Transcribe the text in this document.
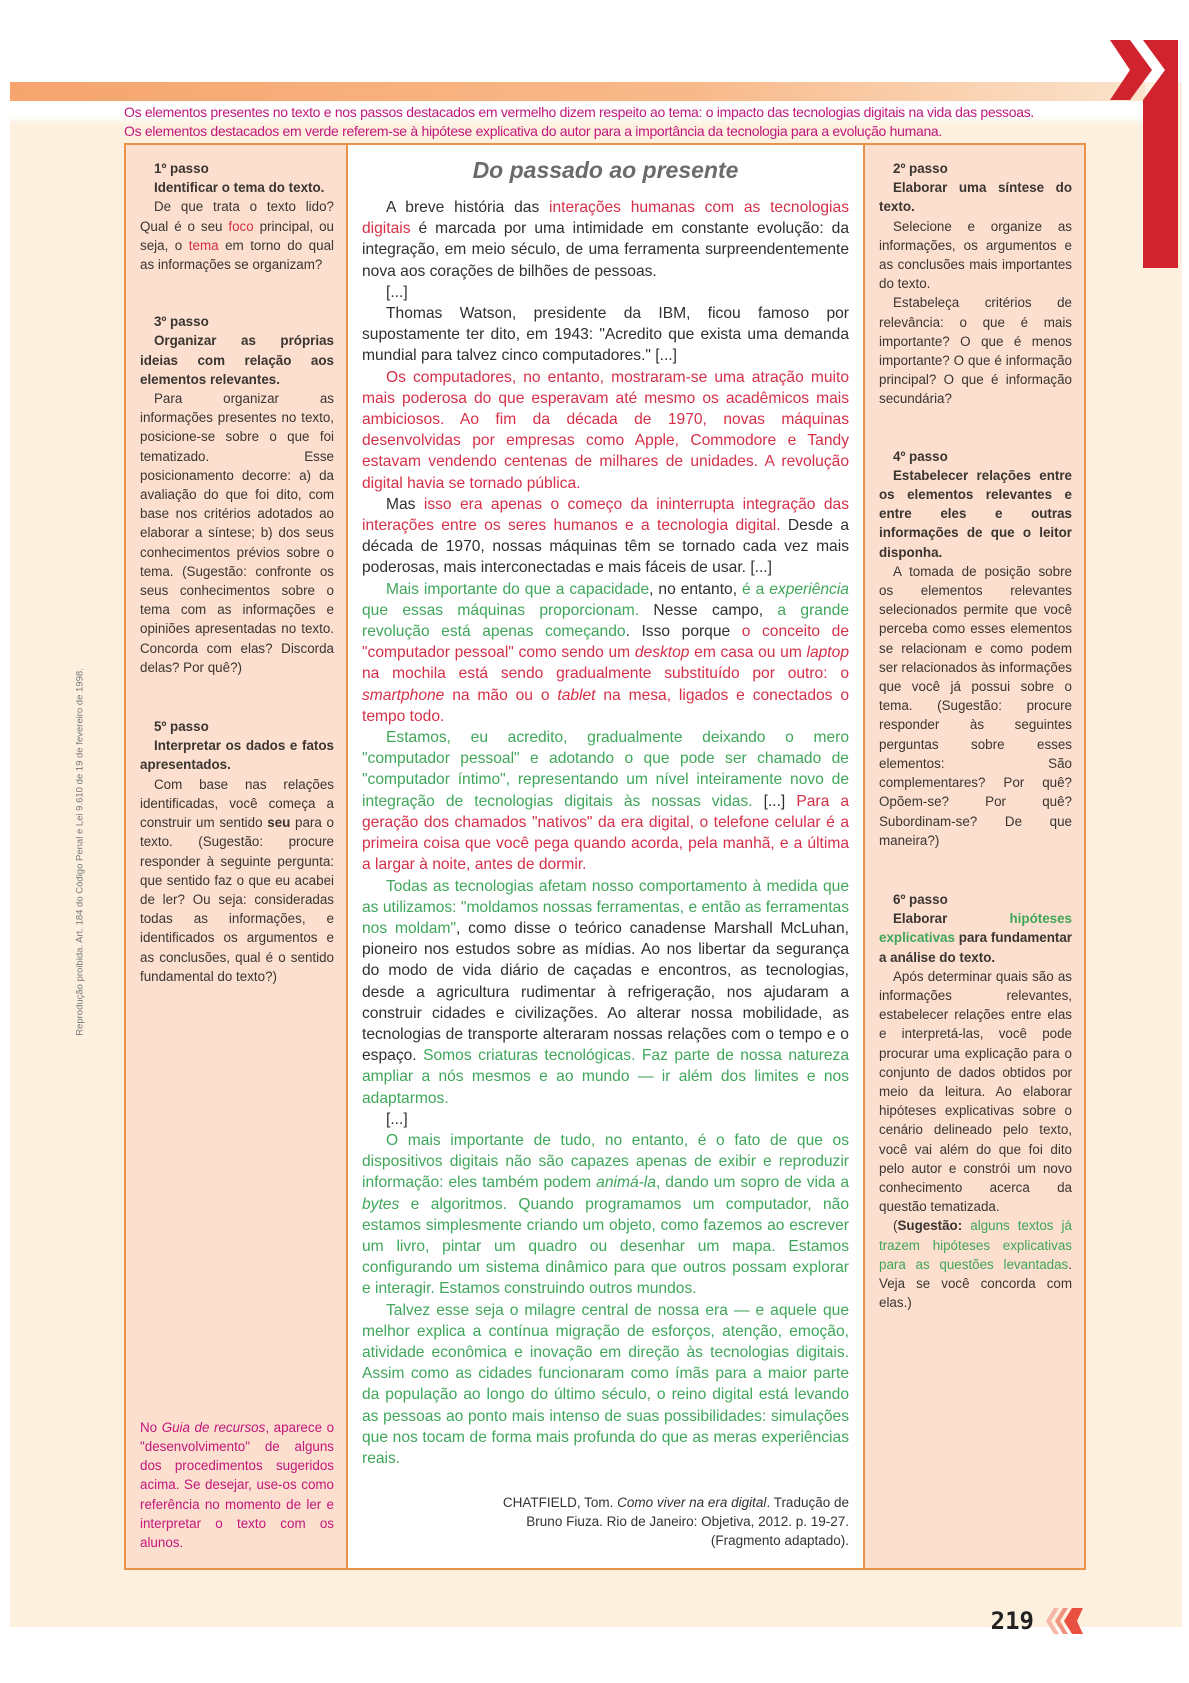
Os elementos presentes no texto e nos passos destacados em vermelho dizem respeito ao tema: o impacto das tecnologias digitais na vida das pessoas.
Os elementos destacados em verde referem-se à hipótese explicativa do autor para a importância da tecnologia para a evolução humana.
Reprodução proibida. Art. 184 do Código Penal e Lei 9.610 de 19 de fevereiro de 1998.
1º passo
Identificar o tema do texto.
De que trata o texto lido? Qual é o seu foco principal, ou seja, o tema em torno do qual as informações se organizam?
3º passo
Organizar as próprias ideias com relação aos elementos relevantes.
Para organizar as informações presentes no texto, posicione-se sobre o que foi tematizado. Esse posicionamento decorre: a) da avaliação do que foi dito, com base nos critérios adotados ao elaborar a síntese; b) dos seus conhecimentos prévios sobre o tema. (Sugestão: confronte os seus conhecimentos sobre o tema com as informações e opiniões apresentadas no texto. Concorda com elas? Discorda delas? Por quê?)
5º passo
Interpretar os dados e fatos apresentados.
Com base nas relações identificadas, você começa a construir um sentido seu para o texto. (Sugestão: procure responder à seguinte pergunta: que sentido faz o que eu acabei de ler? Ou seja: consideradas todas as informações, e identificados os argumentos e as conclusões, qual é o sentido fundamental do texto?)
No Guia de recursos, aparece o "desenvolvimento" de alguns dos procedimentos sugeridos acima. Se desejar, use-os como referência no momento de ler e interpretar o texto com os alunos.
Do passado ao presente

A breve história das interações humanas com as tecnologias digitais é marcada por uma intimidade em constante evolução: da integração, em meio século, de uma ferramenta surpreendentemente nova aos corações de bilhões de pessoas.

[...]

Thomas Watson, presidente da IBM, ficou famoso por supostamente ter dito, em 1943: "Acredito que exista uma demanda mundial para talvez cinco computadores." [...]

Os computadores, no entanto, mostraram-se uma atração muito mais poderosa do que esperavam até mesmo os acadêmicos mais ambiciosos. Ao fim da década de 1970, novas máquinas desenvolvidas por empresas como Apple, Commodore e Tandy estavam vendendo centenas de milhares de unidades. A revolução digital havia se tornado pública.

Mas isso era apenas o começo da ininterrupta integração das interações entre os seres humanos e a tecnologia digital. Desde a década de 1970, nossas máquinas têm se tornado cada vez mais poderosas, mais interconectadas e mais fáceis de usar. [...]

Mais importante do que a capacidade, no entanto, é a experiência que essas máquinas proporcionam. Nesse campo, a grande revolução está apenas começando. Isso porque o conceito de "computador pessoal" como sendo um desktop em casa ou um laptop na mochila está sendo gradualmente substituído por outro: o smartphone na mão ou o tablet na mesa, ligados e conectados o tempo todo.

Estamos, eu acredito, gradualmente deixando o mero "computador pessoal" e adotando o que pode ser chamado de "computador íntimo", representando um nível inteiramente novo de integração de tecnologias digitais às nossas vidas. [...] Para a geração dos chamados "nativos" da era digital, o telefone celular é a primeira coisa que você pega quando acorda, pela manhã, e a última a largar à noite, antes de dormir.

Todas as tecnologias afetam nosso comportamento à medida que as utilizamos: "moldamos nossas ferramentas, e então as ferramentas nos moldam", como disse o teórico canadense Marshall McLuhan, pioneiro nos estudos sobre as mídias. Ao nos libertar da segurança do modo de vida diário de caçadas e encontros, as tecnologias, desde a agricultura rudimentar à refrigeração, nos ajudaram a construir cidades e civilizações. Ao alterar nossa mobilidade, as tecnologias de transporte alteraram nossas relações com o tempo e o espaço. Somos criaturas tecnológicas. Faz parte de nossa natureza ampliar a nós mesmos e ao mundo — ir além dos limites e nos adaptarmos.

[...]

O mais importante de tudo, no entanto, é o fato de que os dispositivos digitais não são capazes apenas de exibir e reproduzir informação: eles também podem animá-la, dando um sopro de vida a bytes e algoritmos. Quando programamos um computador, não estamos simplesmente criando um objeto, como fazemos ao escrever um livro, pintar um quadro ou desenhar um mapa. Estamos configurando um sistema dinâmico para que outros possam explorar e interagir. Estamos construindo outros mundos.

Talvez esse seja o milagre central de nossa era — e aquele que melhor explica a contínua migração de esforços, atenção, emoção, atividade econômica e inovação em direção às tecnologias digitais. Assim como as cidades funcionaram como ímãs para a maior parte da população ao longo do último século, o reino digital está levando as pessoas ao ponto mais intenso de suas possibilidades: simulações que nos tocam de forma mais profunda do que as meras experiências reais.

CHATFIELD, Tom. Como viver na era digital. Tradução de
Bruno Fiuza. Rio de Janeiro: Objetiva, 2012. p. 19-27.
(Fragmento adaptado).
2º passo
Elaborar uma síntese do texto.
Selecione e organize as informações, os argumentos e as conclusões mais importantes do texto.
Estabeleça critérios de relevância: o que é mais importante? O que é menos importante? O que é informação principal? O que é informação secundária?
4º passo
Estabelecer relações entre os elementos relevantes e entre eles e outras informações de que o leitor disponha.
A tomada de posição sobre os elementos relevantes selecionados permite que você perceba como esses elementos se relacionam e como podem ser relacionados às informações que você já possui sobre o tema. (Sugestão: procure responder às seguintes perguntas sobre esses elementos: São complementares? Por quê? Opõem-se? Por quê? Subordinam-se? De que maneira?)
6º passo
Elaborar hipóteses explicativas para fundamentar a análise do texto.
Após determinar quais são as informações relevantes, estabelecer relações entre elas e interpretá-las, você pode procurar uma explicação para o conjunto de dados obtidos por meio da leitura. Ao elaborar hipóteses explicativas sobre o cenário delineado pelo texto, você vai além do que foi dito pelo autor e constrói um novo conhecimento acerca da questão tematizada.
(Sugestão: alguns textos já trazem hipóteses explicativas para as questões levantadas. Veja se você concorda com elas.)
219
